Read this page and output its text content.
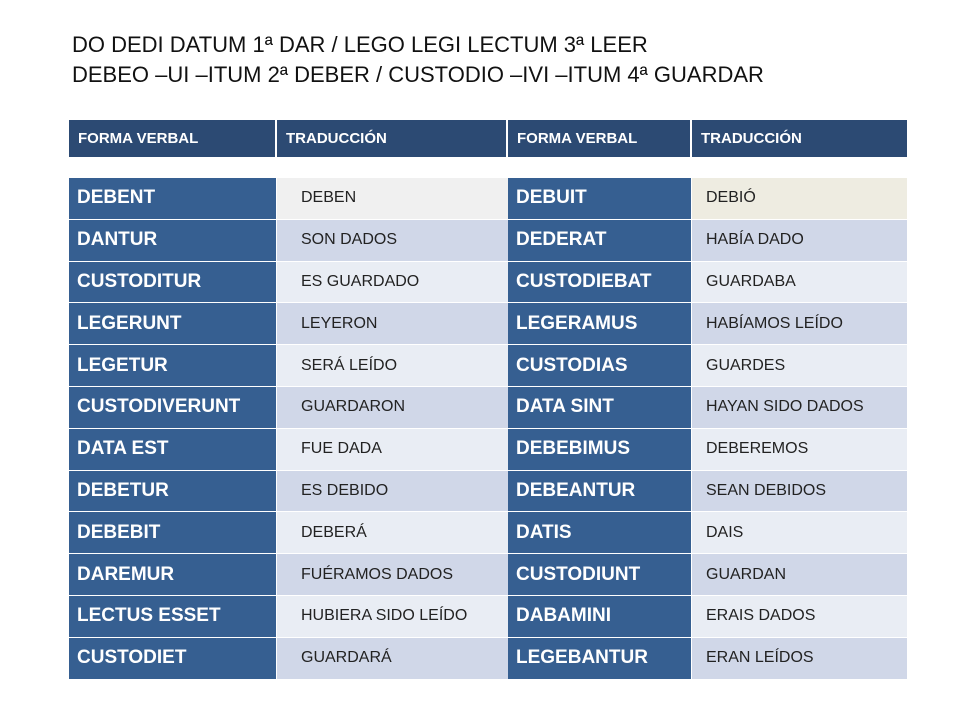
DO DEDI DATUM 1ª DAR / LEGO LEGI LECTUM 3ª LEER
DEBEO –UI –ITUM 2ª DEBER / CUSTODIO –IVI –ITUM 4ª GUARDAR
FORMA VERBAL	TRADUCCIÓN	FORMA VERBAL	TRADUCCIÓN
DEBENT	DEBEN	DEBUIT	DEBIÓ
DANTUR	SON DADOS	DEDERAT	HABÍA DADO
CUSTODITUR	ES GUARDADO	CUSTODIEBAT	GUARDABA
LEGERUNT	LEYERON	LEGERAMUS	HABÍAMOS LEÍDO
LEGETUR	SERÁ LEÍDO	CUSTODIAS	GUARDES
CUSTODIVERUNT	GUARDARON	DATA SINT	HAYAN SIDO DADOS
DATA EST	FUE DADA	DEBEBIMUS	DEBEREMOS
DEBETUR	ES DEBIDO	DEBEANTUR	SEAN DEBIDOS
DEBEBIT	DEBERÁ	DATIS	DAIS
DAREMUR	FUÉRAMOS DADOS	CUSTODIUNT	GUARDAN
LECTUS ESSET	HUBIERA SIDO LEÍDO	DABAMINI	ERAIS DADOS
CUSTODIET	GUARDARÁ	LEGEBANTUR	ERAN LEÍDOS
